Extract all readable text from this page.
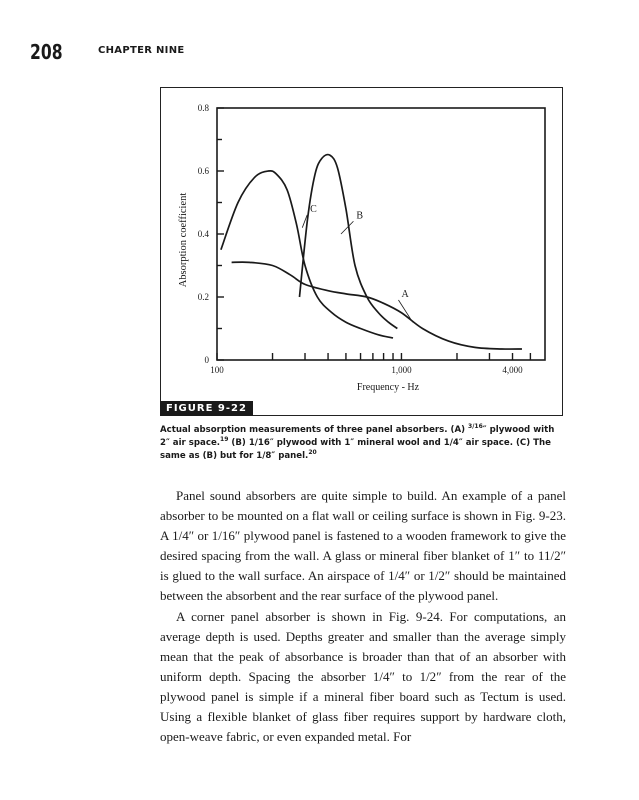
208	CHAPTER NINE
0
0.2
0.4
0.6
0.8
100	1,000	4,000
C
B
A
Absorption coefficient
Frequency - Hz
FIGURE 9-22
Actual absorption measurements of three panel absorbers. (A) $^{3/16}$″ plywood with 2″ air space.$^{19}$ (B) 1/16″ plywood with 1″ mineral wool and 1/4″ air space. (C) The same as (B) but for 1/8″ panel.$^{20}$

Panel sound absorbers are quite simple to build. An example of a panel absorber to be mounted on a flat wall or ceiling surface is shown in Fig. 9-23. A 1/4″ or 1/16″ plywood panel is fastened to a wooden framework to give the desired spacing from the wall. A glass or mineral fiber blanket of 1″ to 11/2″ is glued to the wall surface. An airspace of 1/4″ or 1/2″ should be maintained between the absorbent and the rear surface of the plywood panel.

A corner panel absorber is shown in Fig. 9-24. For computations, an average depth is used. Depths greater and smaller than the average simply mean that the peak of absorbance is broader than that of an absorber with uniform depth. Spacing the absorber 1/4″ to 1/2″ from the rear of the plywood panel is simple if a mineral fiber board such as Tectum is used. Using a flexible blanket of glass fiber requires support by hardware cloth, open-weave fabric, or even expanded metal. For
